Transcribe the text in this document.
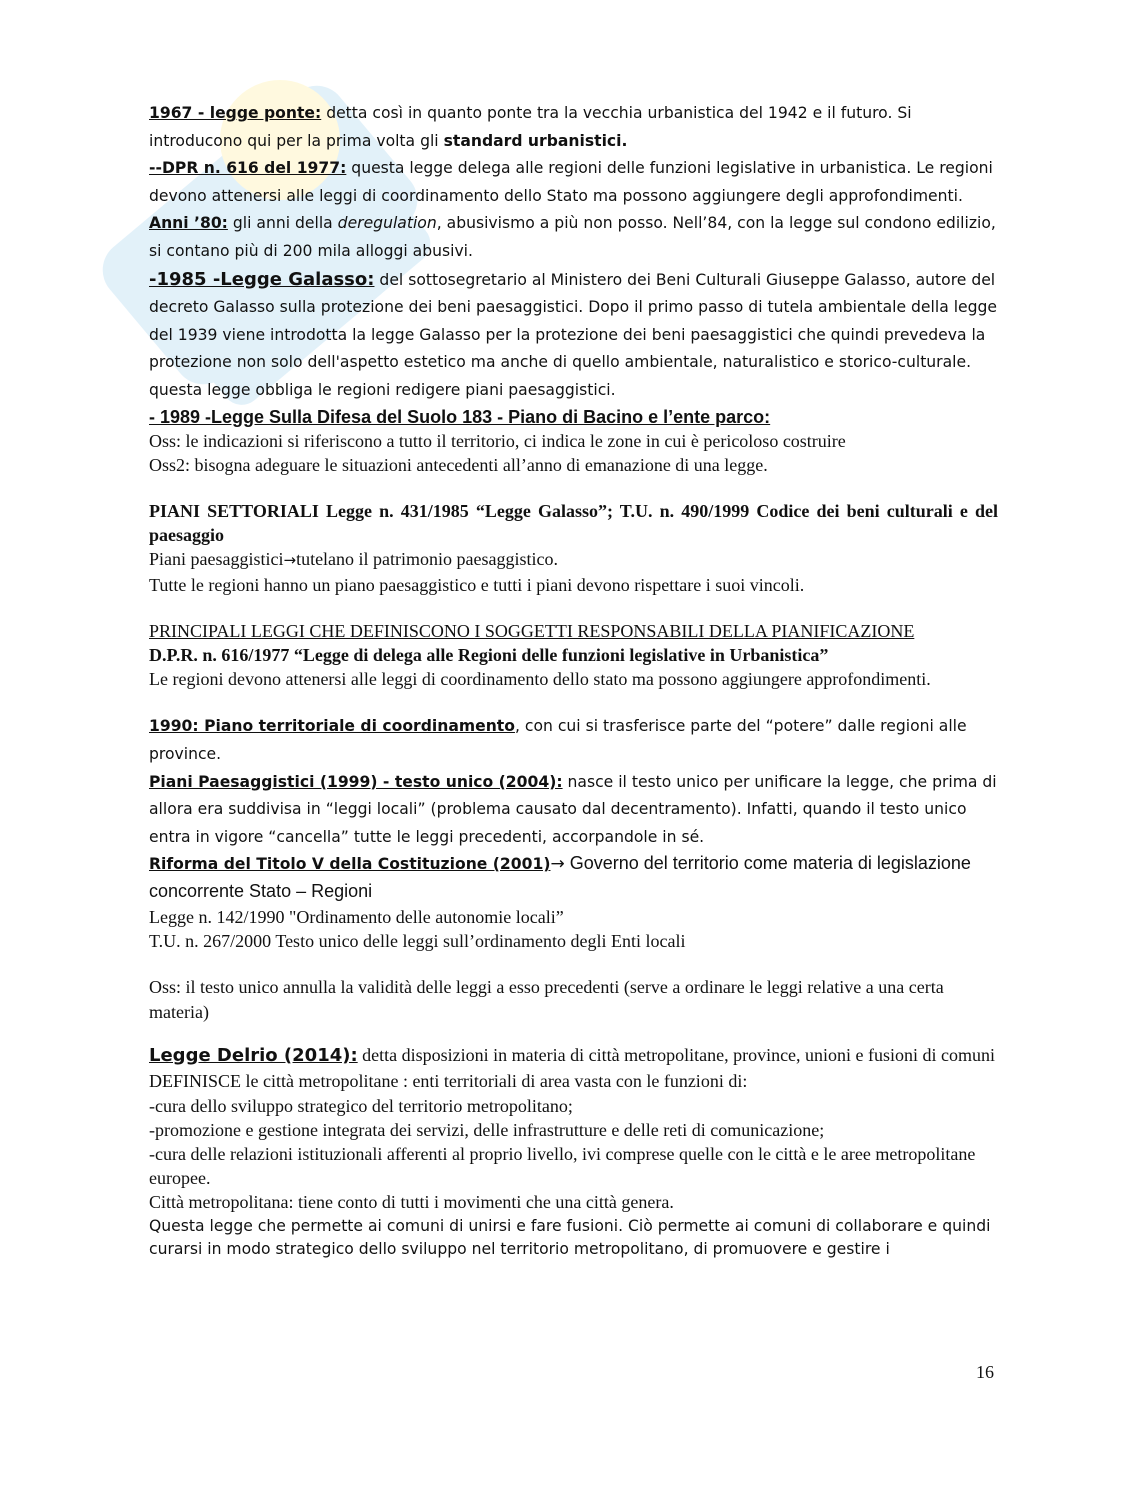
1967 - legge ponte: detta così in quanto ponte tra la vecchia urbanistica del 1942 e il futuro. Si introducono qui per la prima volta gli standard urbanistici.
--DPR n. 616 del 1977: questa legge delega alle regioni delle funzioni legislative in urbanistica. Le regioni devono attenersi alle leggi di coordinamento dello Stato ma possono aggiungere degli approfondimenti.
Anni ’80: gli anni della deregulation, abusivismo a più non posso. Nell’84, con la legge sul condono edilizio, si contano più di 200 mila alloggi abusivi.
-1985 -Legge Galasso: del sottosegretario al Ministero dei Beni Culturali Giuseppe Galasso, autore del decreto Galasso sulla protezione dei beni paesaggistici. Dopo il primo passo di tutela ambientale della legge del 1939 viene introdotta la legge Galasso per la protezione dei beni paesaggistici che quindi prevedeva la protezione non solo dell'aspetto estetico ma anche di quello ambientale, naturalistico e storico-culturale. questa legge obbliga le regioni redigere piani paesaggistici.

- 1989 -Legge Sulla Difesa del Suolo 183 - Piano di Bacino e l’ente parco:

Oss: le indicazioni si riferiscono a tutto il territorio, ci indica le zone in cui è pericoloso costruire

Oss2: bisogna adeguare le situazioni antecedenti all’anno di emanazione di una legge.

PIANI SETTORIALI Legge n. 431/1985 “Legge Galasso”; T.U. n. 490/1999 Codice dei beni culturali e del paesaggio

Piani paesaggistici→tutelano il patrimonio paesaggistico.

Tutte le regioni hanno un piano paesaggistico e tutti i piani devono rispettare i suoi vincoli.

PRINCIPALI LEGGI CHE DEFINISCONO I SOGGETTI RESPONSABILI DELLA PIANIFICAZIONE

D.P.R. n. 616/1977 “Legge di delega alle Regioni delle funzioni legislative in Urbanistica”

Le regioni devono attenersi alle leggi di coordinamento dello stato ma possono aggiungere approfondimenti.

1990: Piano territoriale di coordinamento, con cui si trasferisce parte del “potere” dalle regioni alle province.
Piani Paesaggistici (1999) - testo unico (2004): nasce il testo unico per unificare la legge, che prima di allora era suddivisa in “leggi locali” (problema causato dal decentramento). Infatti, quando il testo unico entra in vigore “cancella” tutte le leggi precedenti, accorpandole in sé.

Riforma del Titolo V della Costituzione (2001)→ Governo del territorio come materia di legislazione concorrente Stato – Regioni

Legge n. 142/1990 "Ordinamento delle autonomie locali”

T.U. n. 267/2000 Testo unico delle leggi sull’ordinamento degli Enti locali

Oss: il testo unico annulla la validità delle leggi a esso precedenti (serve a ordinare le leggi relative a una certa materia)

Legge Delrio (2014): detta disposizioni in materia di città metropolitane, province, unioni e fusioni di comuni DEFINISCE le città metropolitane : enti territoriali di area vasta con le funzioni di:

-cura dello sviluppo strategico del territorio metropolitano;

-promozione e gestione integrata dei servizi, delle infrastrutture e delle reti di comunicazione;

-cura delle relazioni istituzionali afferenti al proprio livello, ivi comprese quelle con le città e le aree metropolitane europee.

Città metropolitana: tiene conto di tutti i movimenti che una città genera.

Questa legge che permette ai comuni di unirsi e fare fusioni. Ciò permette ai comuni di collaborare e quindi curarsi in modo strategico dello sviluppo nel territorio metropolitano, di promuovere e gestire i

16
